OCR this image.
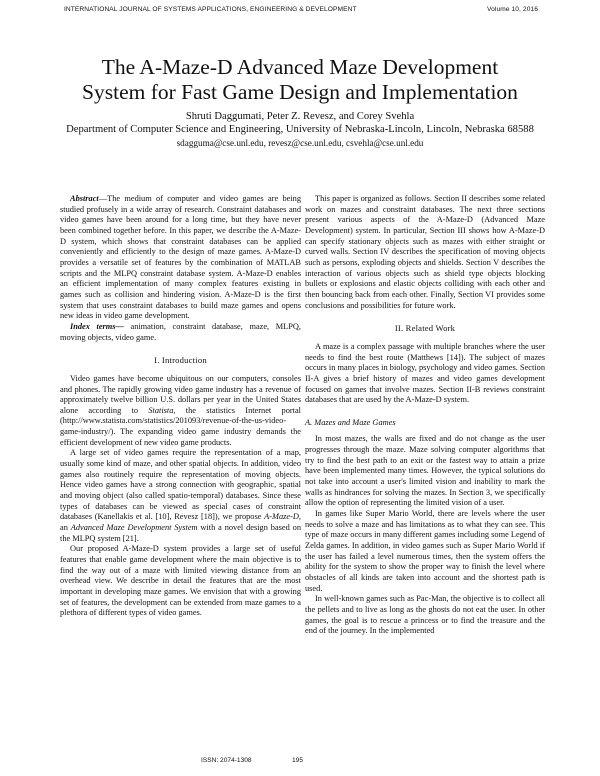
INTERNATIONAL JOURNAL OF SYSTEMS APPLICATIONS, ENGINEERING & DEVELOPMENT	Volume 10, 2016
The A-Maze-D Advanced Maze Development
System for Fast Game Design and Implementation
Shruti Daggumati, Peter Z. Revesz, and Corey Svehla
Department of Computer Science and Engineering, University of Nebraska-Lincoln, Lincoln, Nebraska 68588
sdagguma@cse.unl.edu, revesz@cse.unl.edu, csvehla@cse.unl.edu

Abstract—The medium of computer and video games are being studied profusely in a wide array of research. Constraint databases and video games have been around for a long time, but they have never been combined together before. In this paper, we describe the A-Maze-D system, which shows that constraint databases can be applied conveniently and efficiently to the design of maze games. A-Maze-D provides a versatile set of features by the combination of MATLAB scripts and the MLPQ constraint database system. A-Maze-D enables an efficient implementation of many complex features existing in games such as collision and hindering vision. A-Maze-D is the first system that uses constraint databases to build maze games and opens new ideas in video game development.

Index terms— animation, constraint database, maze, MLPQ, moving objects, video game.

I. Introduction

Video games have become ubiquitous on our computers, consoles and phones. The rapidly growing video game industry has a revenue of approximately twelve billion U.S. dollars per year in the United States alone according to Statista, the statistics Internet portal (http://www.statista.com/statistics/201093/revenue-of-the-us-video-game-industry/). The expanding video game industry demands the efficient development of new video game products.

A large set of video games require the representation of a map, usually some kind of maze, and other spatial objects. In addition, video games also routinely require the representation of moving objects. Hence video games have a strong connection with geographic, spatial and moving object (also called spatio-temporal) databases. Since these types of databases can be viewed as special cases of constraint databases (Kanellakis et al. [10], Revesz [18]), we propose A-Maze-D, an Advanced Maze Development System with a novel design based on the MLPQ system [21].

Our proposed A-Maze-D system provides a large set of useful features that enable game development where the main objective is to find the way out of a maze with limited viewing distance from an overhead view. We describe in detail the features that are the most important in developing maze games. We envision that with a growing set of features, the development can be extended from maze games to a plethora of different types of video games.

This paper is organized as follows. Section II describes some related work on mazes and constraint databases. The next three sections present various aspects of the A-Maze-D (Advanced Maze Development) system. In particular, Section III shows how A-Maze-D can specify stationary objects such as mazes with either straight or curved walls. Section IV describes the specification of moving objects such as persons, exploding objects and shields. Section V describes the interaction of various objects such as shield type objects blocking bullets or explosions and elastic objects colliding with each other and then bouncing back from each other. Finally, Section VI provides some conclusions and possibilities for future work.

II. Related Work

A maze is a complex passage with multiple branches where the user needs to find the best route (Matthews [14]). The subject of mazes occurs in many places in biology, psychology and video games. Section II-A gives a brief history of mazes and video games development focused on games that involve mazes. Section II-B reviews constraint databases that are used by the A-Maze-D system.

A. Mazes and Maze Games

In most mazes, the walls are fixed and do not change as the user progresses through the maze. Maze solving computer algorithms that try to find the best path to an exit or the fastest way to attain a prize have been implemented many times. However, the typical solutions do not take into account a user's limited vision and inability to mark the walls as hindrances for solving the mazes. In Section 3, we specifically allow the option of representing the limited vision of a user.

In games like Super Mario World, there are levels where the user needs to solve a maze and has limitations as to what they can see. This type of maze occurs in many different games including some Legend of Zelda games. In addition, in video games such as Super Mario World if the user has failed a level numerous times, then the system offers the ability for the system to show the proper way to finish the level where obstacles of all kinds are taken into account and the shortest path is used.

In well-known games such as Pac-Man, the objective is to collect all the pellets and to live as long as the ghosts do not eat the user. In other games, the goal is to rescue a princess or to find the treasure and the end of the journey. In the implemented

ISSN: 2074-1308	195
